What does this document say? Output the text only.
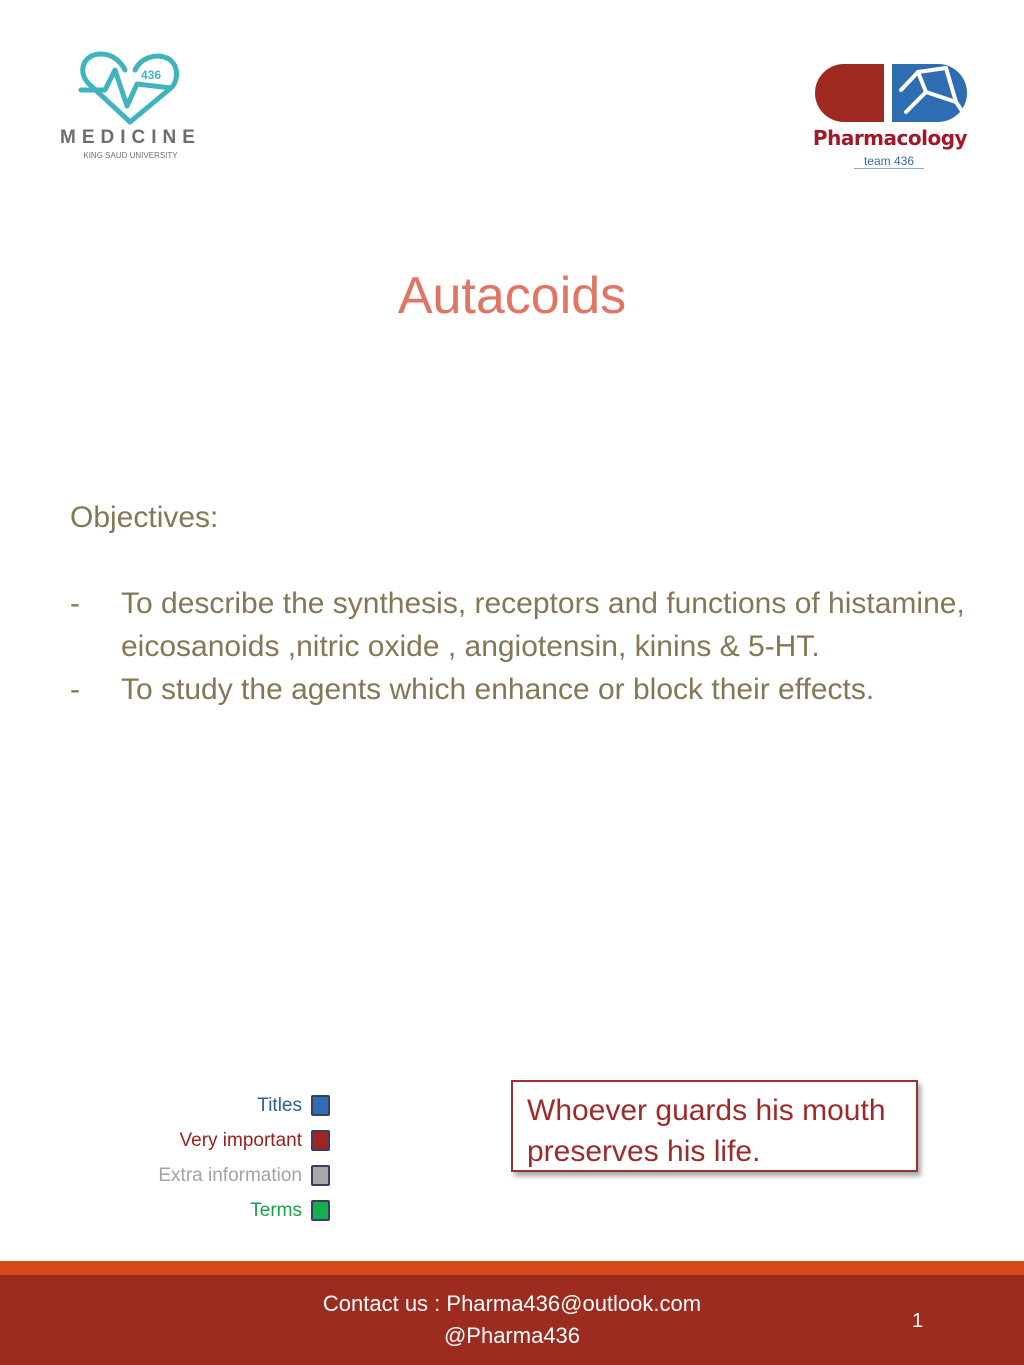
436
MEDICINE
KING SAUD UNIVERSITY
Pharmacology
team 436
Autacoids
Objectives:
- To describe the synthesis, receptors and functions of histamine, eicosanoids ,nitric oxide , angiotensin, kinins & 5-HT.
- To study the agents which enhance or block their effects.
Titles
Very important
Extra information
Terms
Whoever guards his mouth
preserves his life.
Contact us : Pharma436@outlook.com
@Pharma436
1
